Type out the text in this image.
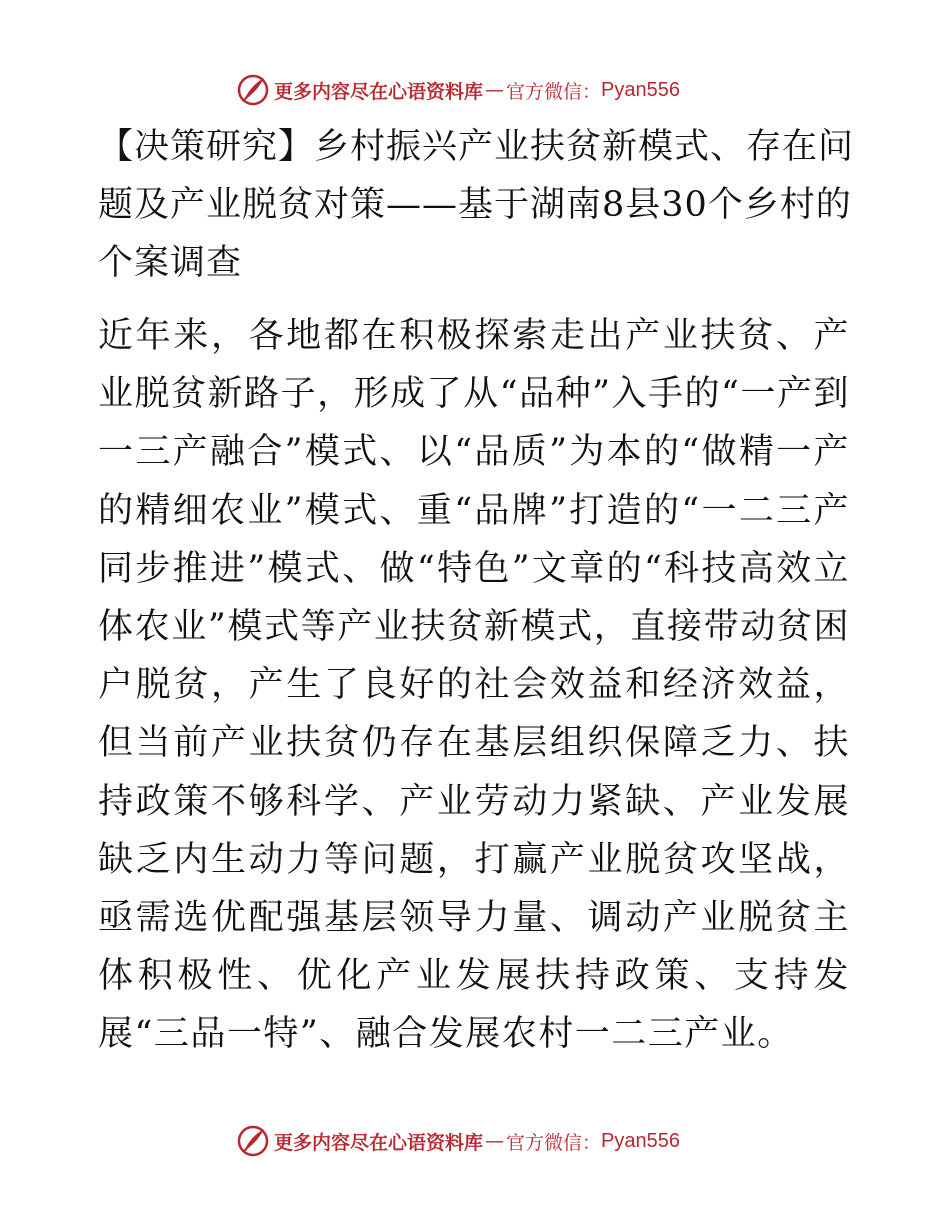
更多内容尽在心语资料库 — 官方微信： Pyan556
【决策研究】乡村振兴产业扶贫新模式、存在问题及产业脱贫对策——基于湖南8县30个乡村的个案调查

近年来，各地都在积极探索走出产业扶贫、产业脱贫新路子，形成了从“品种”入手的“一产到一三产融合”模式、以“品质”为本的“做精一产的精细农业”模式、重“品牌”打造的“一二三产同步推进”模式、做“特色”文章的“科技高效立体农业”模式等产业扶贫新模式，直接带动贫困户脱贫，产生了良好的社会效益和经济效益，但当前产业扶贫仍存在基层组织保障乏力、扶持政策不够科学、产业劳动力紧缺、产业发展缺乏内生动力等问题，打赢产业脱贫攻坚战，亟需选优配强基层领导力量、调动产业脱贫主体积极性、优化产业发展扶持政策、支持发展“三品一特”、融合发展农村一二三产业。

更多内容尽在心语资料库 — 官方微信： Pyan556
